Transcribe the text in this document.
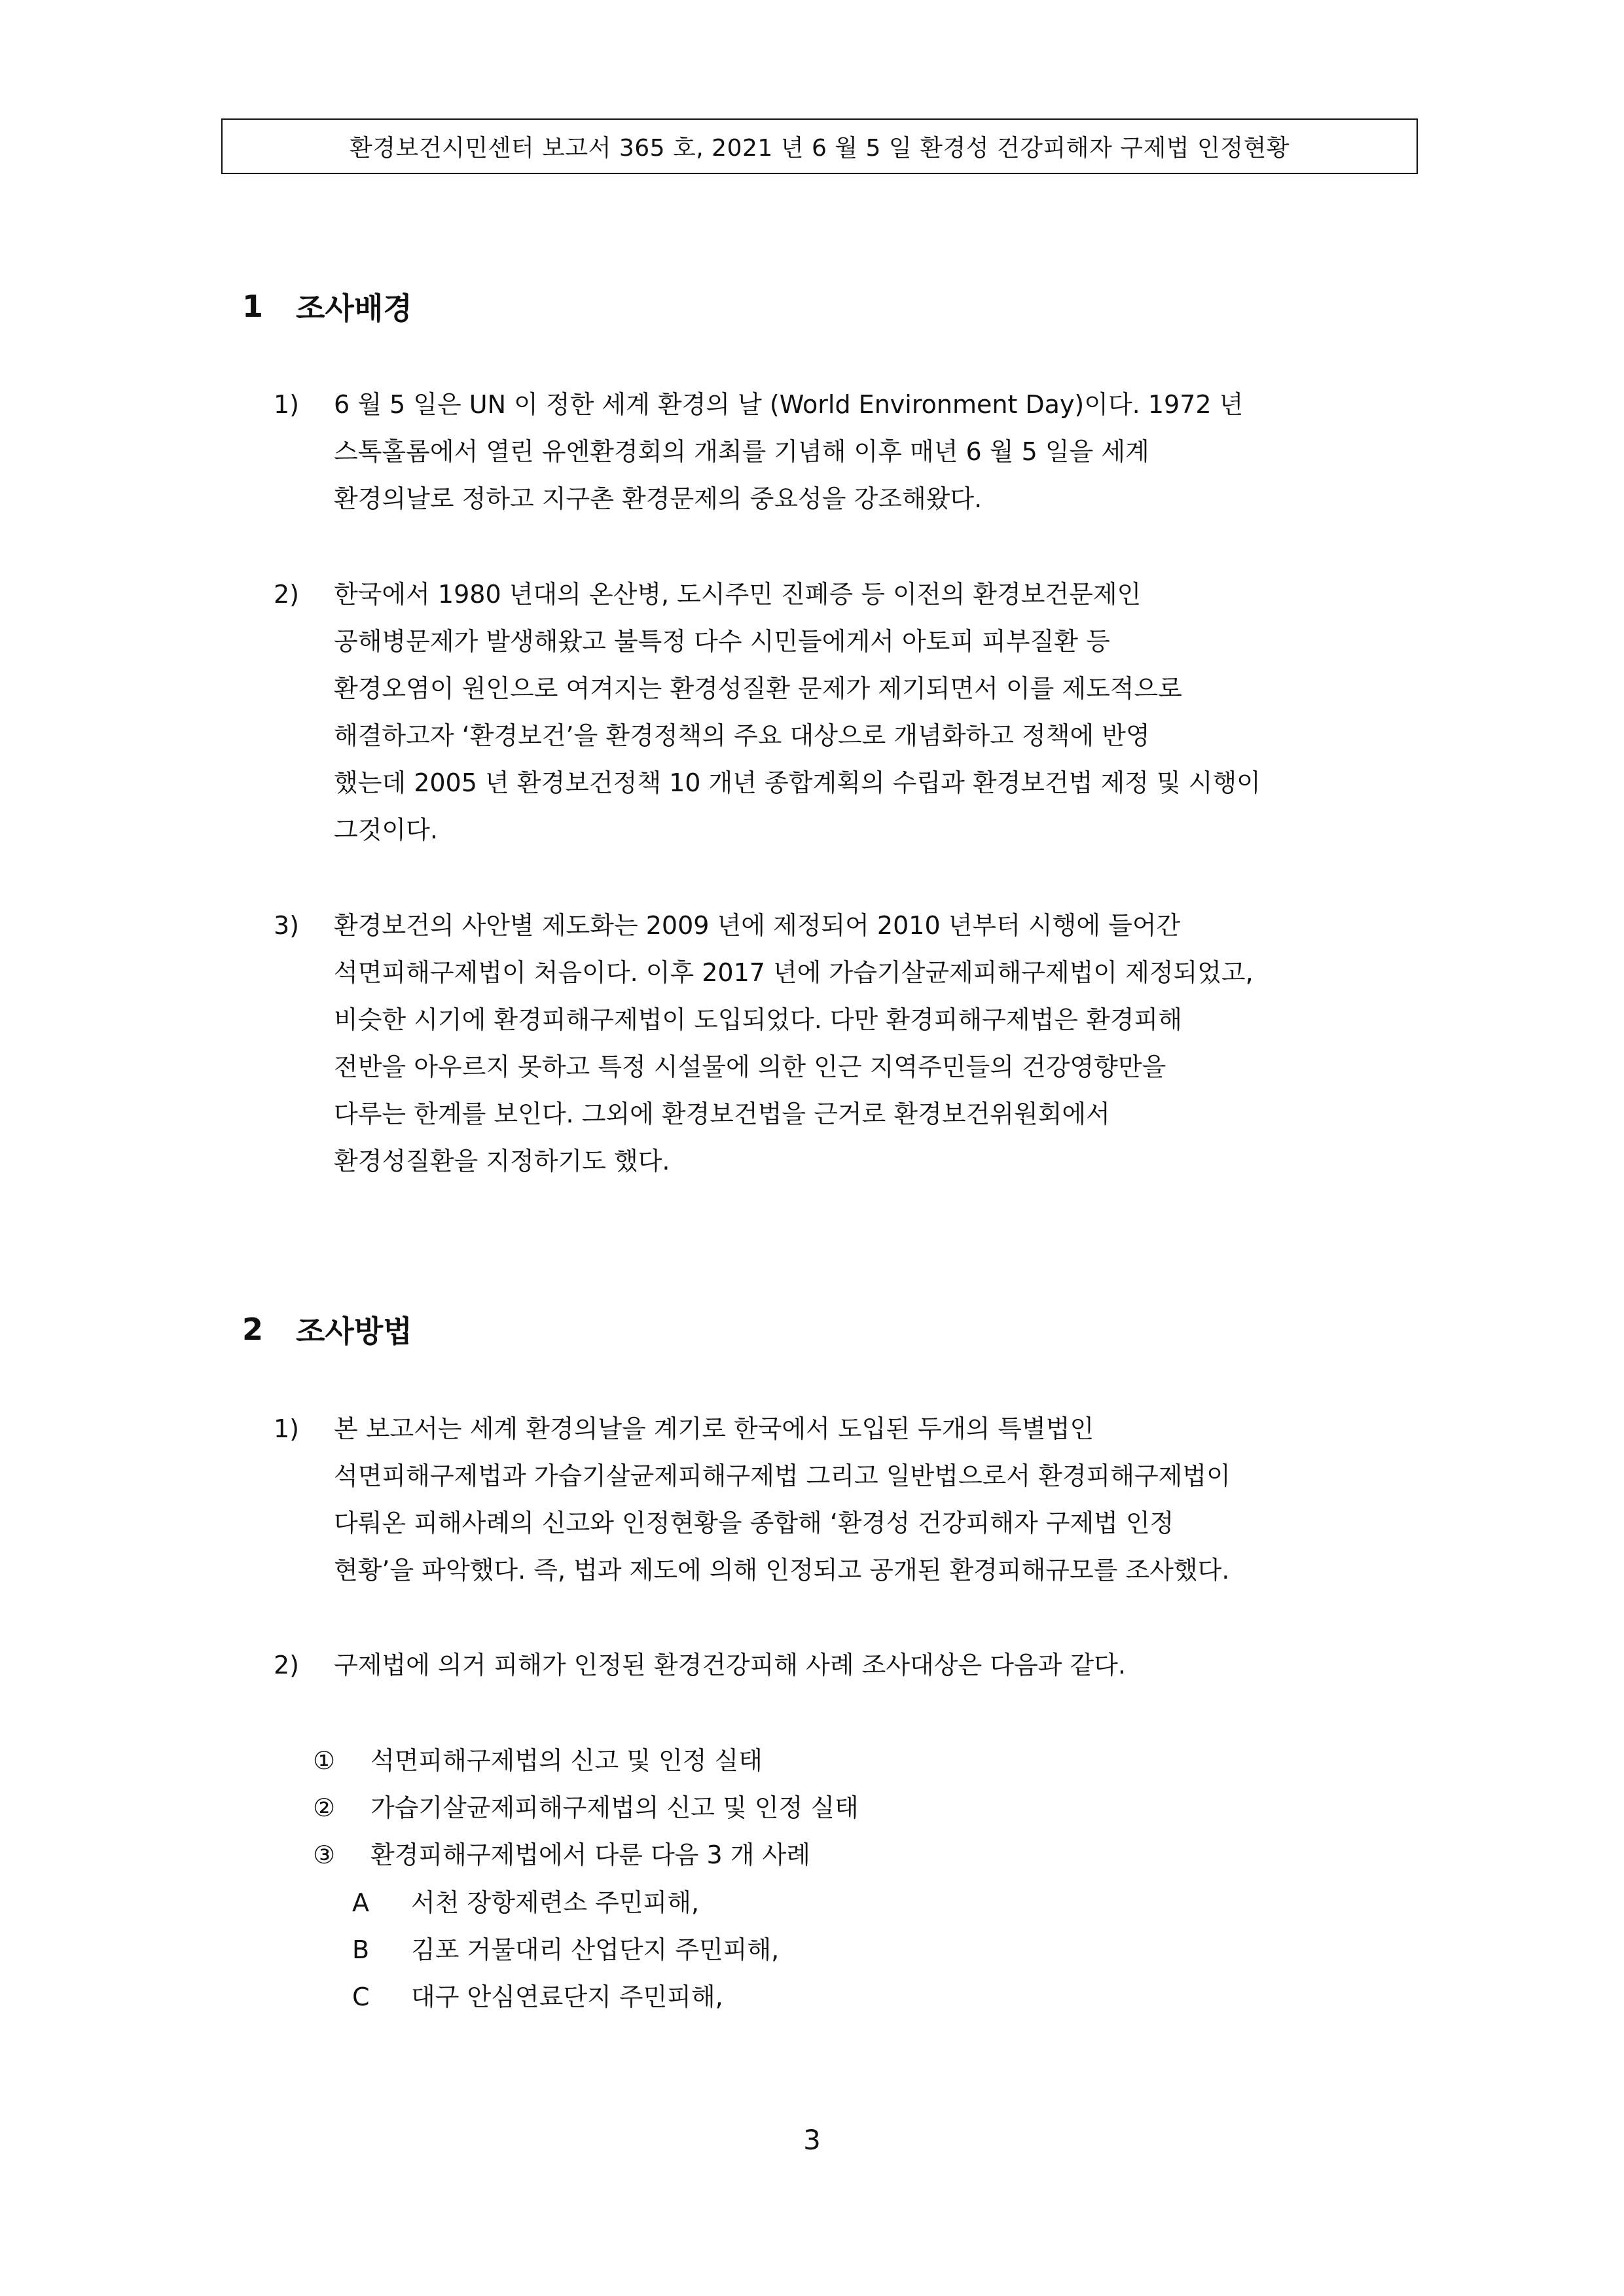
환경보건시민센터 보고서 365 호, 2021 년 6 월 5 일 환경성 건강피해자 구제법 인정현황
1	조사배경
1) 6 월 5 일은 UN 이 정한 세계 환경의 날 (World Environment Day)이다. 1972 년
스톡홀롬에서 열린 유엔환경회의 개최를 기념해 이후 매년 6 월 5 일을 세계
환경의날로 정하고 지구촌 환경문제의 중요성을 강조해왔다.
2) 한국에서 1980 년대의 온산병, 도시주민 진폐증 등 이전의 환경보건문제인
공해병문제가 발생해왔고 불특정 다수 시민들에게서 아토피 피부질환 등
환경오염이 원인으로 여겨지는 환경성질환 문제가 제기되면서 이를 제도적으로
해결하고자 ‘환경보건’을 환경정책의 주요 대상으로 개념화하고 정책에 반영
했는데 2005 년 환경보건정책 10 개년 종합계획의 수립과 환경보건법 제정 및 시행이
그것이다.
3) 환경보건의 사안별 제도화는 2009 년에 제정되어 2010 년부터 시행에 들어간
석면피해구제법이 처음이다. 이후 2017 년에 가습기살균제피해구제법이 제정되었고,
비슷한 시기에 환경피해구제법이 도입되었다. 다만 환경피해구제법은 환경피해
전반을 아우르지 못하고 특정 시설물에 의한 인근 지역주민들의 건강영향만을
다루는 한계를 보인다. 그외에 환경보건법을 근거로 환경보건위원회에서
환경성질환을 지정하기도 했다.
2	조사방법
1) 본 보고서는 세계 환경의날을 계기로 한국에서 도입된 두개의 특별법인
석면피해구제법과 가습기살균제피해구제법 그리고 일반법으로서 환경피해구제법이
다뤄온 피해사례의 신고와 인정현황을 종합해 ‘환경성 건강피해자 구제법 인정
현황’을 파악했다. 즉, 법과 제도에 의해 인정되고 공개된 환경피해규모를 조사했다.
2) 구제법에 의거 피해가 인정된 환경건강피해 사례 조사대상은 다음과 같다.
① 석면피해구제법의 신고 및 인정 실태
② 가습기살균제피해구제법의 신고 및 인정 실태
③ 환경피해구제법에서 다룬 다음 3 개 사례
A 서천 장항제련소 주민피해,
B 김포 거물대리 산업단지 주민피해,
C 대구 안심연료단지 주민피해,
3
